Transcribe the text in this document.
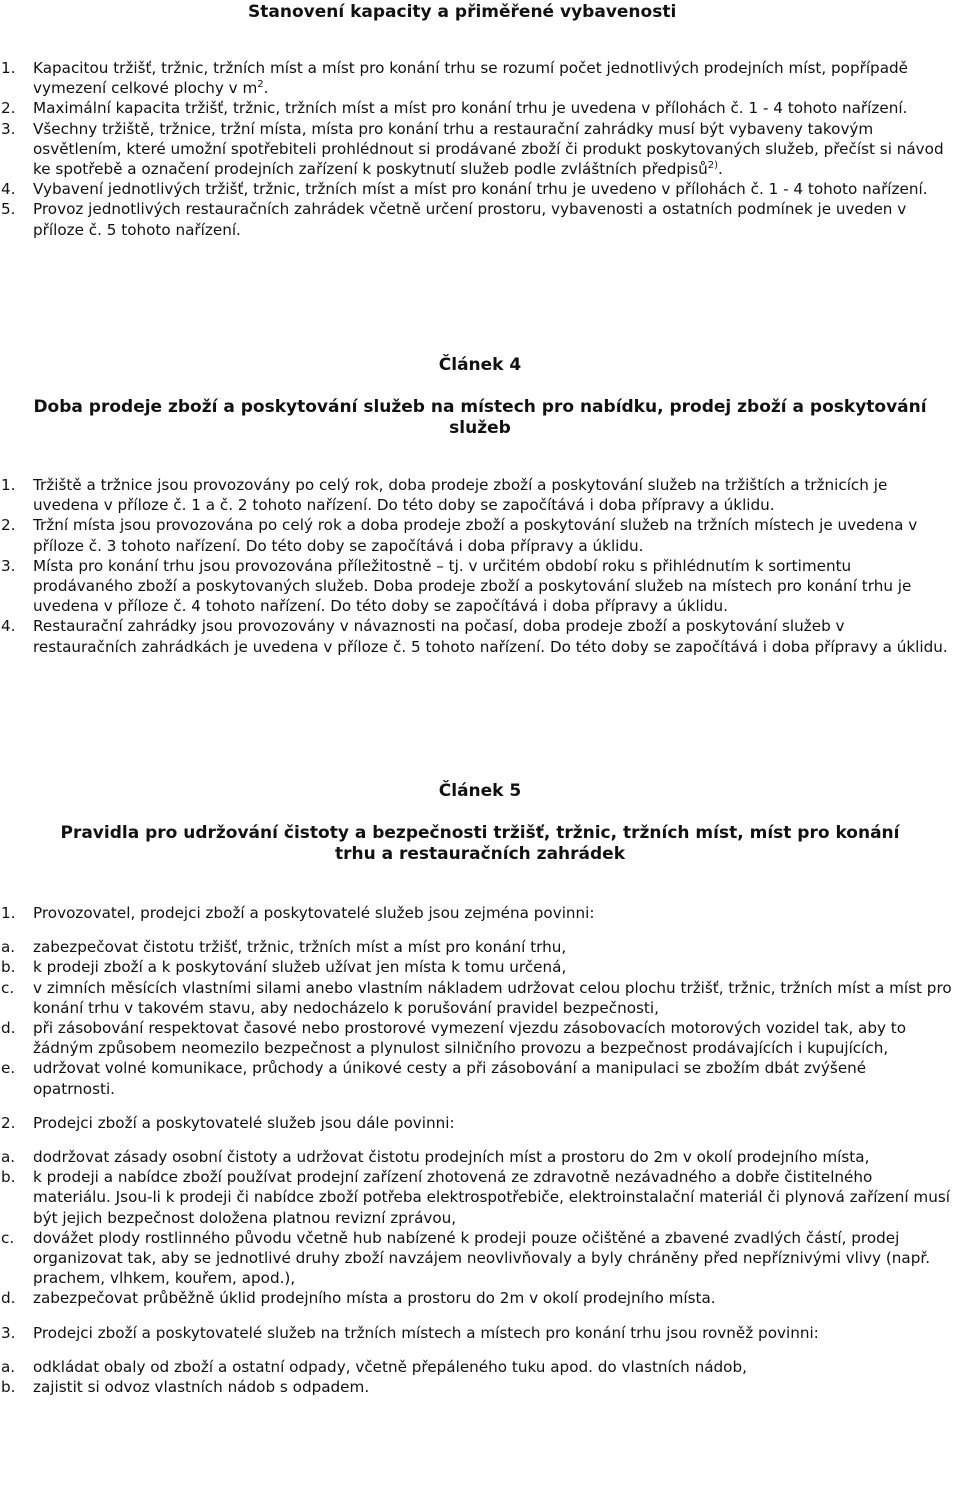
Stanovení kapacity a přiměřené vybavenosti
1. Kapacitou tržišť, tržnic, tržních míst a míst pro konání trhu se rozumí počet jednotlivých prodejních míst, popřípadě vymezení celkové plochy v $m^2$.
2. Maximální kapacita tržišť, tržnic, tržních míst a míst pro konání trhu je uvedena v přílohách č. 1 - 4 tohoto nařízení.
3. Všechny tržiště, tržnice, tržní místa, místa pro konání trhu a restaurační zahrádky musí být vybaveny takovým osvětlením, které umožní spotřebiteli prohlédnout si prodávané zboží či produkt poskytovaných služeb, přečíst si návod ke spotřebě a označení prodejních zařízení k poskytnutí služeb podle zvláštních předpisů$^{2)}$.
4. Vybavení jednotlivých tržišť, tržnic, tržních míst a míst pro konání trhu je uvedeno v přílohách č. 1 - 4 tohoto nařízení.
5. Provoz jednotlivých restauračních zahrádek včetně určení prostoru, vybavenosti a ostatních podmínek je uveden v příloze č. 5 tohoto nařízení.
Článek 4
Doba prodeje zboží a poskytování služeb na místech pro nabídku, prodej zboží a poskytování služeb
1. Tržiště a tržnice jsou provozovány po celý rok, doba prodeje zboží a poskytování služeb na tržištích a tržnicích je uvedena v příloze č. 1 a č. 2 tohoto nařízení. Do této doby se započítává i doba přípravy a úklidu.
2. Tržní místa jsou provozována po celý rok a doba prodeje zboží a poskytování služeb na tržních místech je uvedena v příloze č. 3 tohoto nařízení. Do této doby se započítává i doba přípravy a úklidu.
3. Místa pro konání trhu jsou provozována příležitostně – tj. v určitém období roku s přihlédnutím k sortimentu prodávaného zboží a poskytovaných služeb. Doba prodeje zboží a poskytování služeb na místech pro konání trhu je uvedena v příloze č. 4 tohoto nařízení. Do této doby se započítává i doba přípravy a úklidu.
4. Restaurační zahrádky jsou provozovány v návaznosti na počasí, doba prodeje zboží a poskytování služeb v restauračních zahrádkách je uvedena v příloze č. 5 tohoto nařízení. Do této doby se započítává i doba přípravy a úklidu.
Článek 5
Pravidla pro udržování čistoty a bezpečnosti tržišť, tržnic, tržních míst, míst pro konání trhu a restauračních zahrádek
1. Provozovatel, prodejci zboží a poskytovatelé služeb jsou zejména povinni:
a. zabezpečovat čistotu tržišť, tržnic, tržních míst a míst pro konání trhu,
b. k prodeji zboží a k poskytování služeb užívat jen místa k tomu určená,
c. v zimních měsících vlastními silami anebo vlastním nákladem udržovat celou plochu tržišť, tržnic, tržních míst a míst pro konání trhu v takovém stavu, aby nedocházelo k porušování pravidel bezpečnosti,
d. při zásobování respektovat časové nebo prostorové vymezení vjezdu zásobovacích motorových vozidel tak, aby to žádným způsobem neomezilo bezpečnost a plynulost silničního provozu a bezpečnost prodávajících i kupujících,
e. udržovat volné komunikace, průchody a únikové cesty a při zásobování a manipulaci se zbožím dbát zvýšené opatrnosti.
2. Prodejci zboží a poskytovatelé služeb jsou dále povinni:
a. dodržovat zásady osobní čistoty a udržovat čistotu prodejních míst a prostoru do 2m v okolí prodejního místa,
b. k prodeji a nabídce zboží používat prodejní zařízení zhotovená ze zdravotně nezávadného a dobře čistitelného materiálu. Jsou-li k prodeji či nabídce zboží potřeba elektrospotřebiče, elektroinstalační materiál či plynová zařízení musí být jejich bezpečnost doložena platnou revizní zprávou,
c. dovážet plody rostlinného původu včetně hub nabízené k prodeji pouze očištěné a zbavené zvadlých částí, prodej organizovat tak, aby se jednotlivé druhy zboží navzájem neovlivňovaly a byly chráněny před nepříznivými vlivy (např. prachem, vlhkem, kouřem, apod.),
d. zabezpečovat průběžně úklid prodejního místa a prostoru do 2m v okolí prodejního místa.
3. Prodejci zboží a poskytovatelé služeb na tržních místech a místech pro konání trhu jsou rovněž povinni:
a. odkládat obaly od zboží a ostatní odpady, včetně přepáleného tuku apod. do vlastních nádob,
b. zajistit si odvoz vlastních nádob s odpadem.
